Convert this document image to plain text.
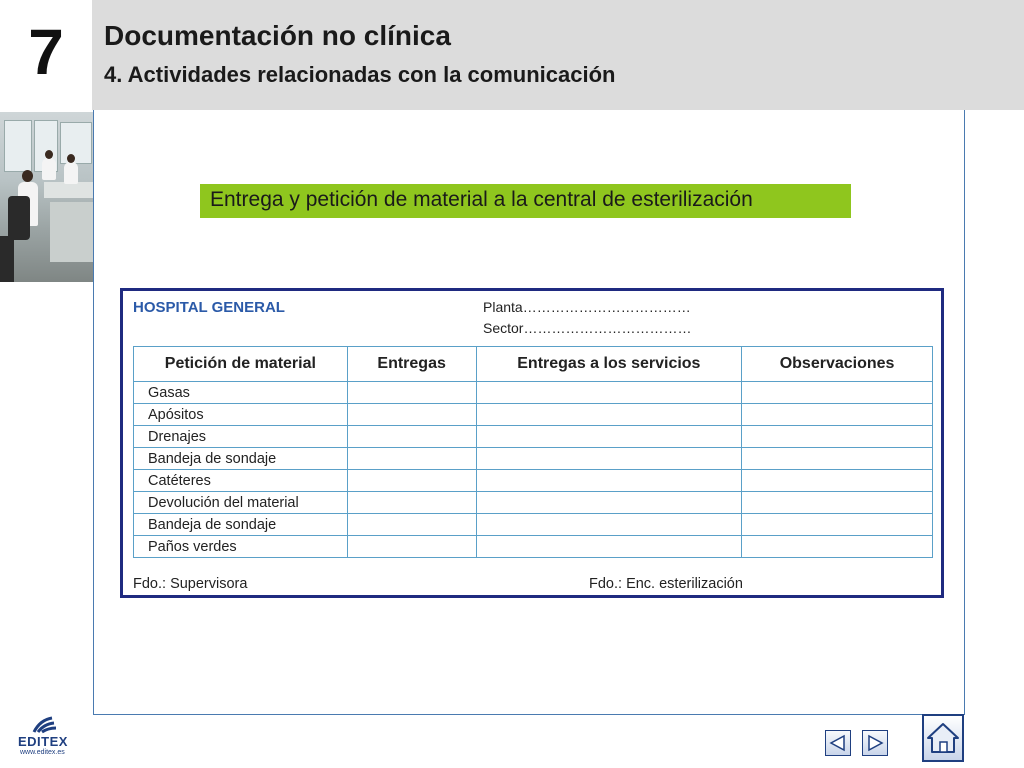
7 Documentación no clínica
4. Actividades relacionadas con la comunicación
Entrega y petición de material a la central de esterilización
HOSPITAL GENERAL	Planta………………………………
Sector………………………………
Petición de material	Entregas	Entregas a los servicios	Observaciones
Gasas			
Apósitos			
Drenajes			
Bandeja de sondaje			
Catéteres			
Devolución del material			
Bandeja de sondaje			
Paños verdes			
Fdo.: Supervisora	Fdo.: Enc. esterilización
EDITEX
www.editex.es
